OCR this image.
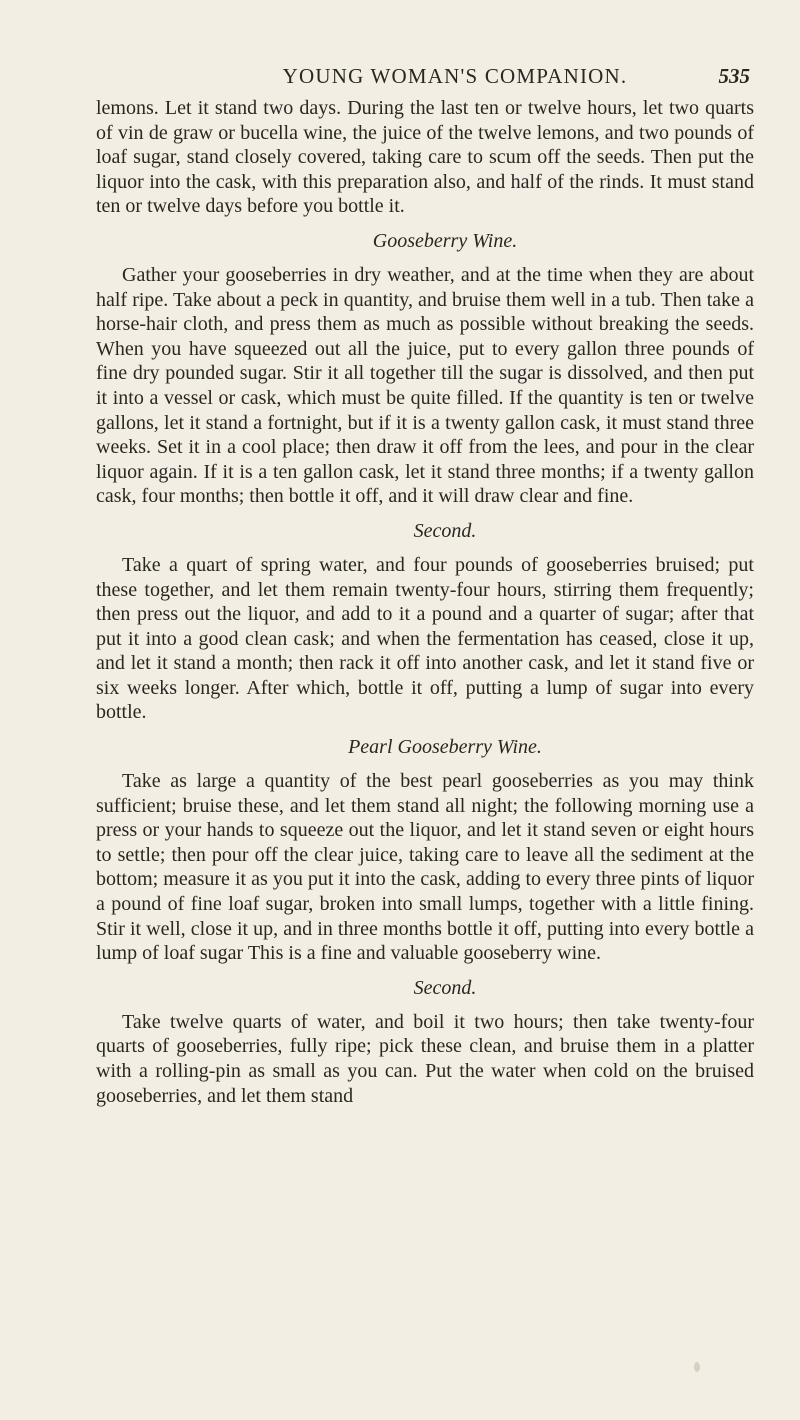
YOUNG WOMAN'S COMPANION.	535

lemons. Let it stand two days. During the last ten or twelve hours, let two quarts of vin de graw or bucella wine, the juice of the twelve lemons, and two pounds of loaf sugar, stand closely covered, taking care to scum off the seeds. Then put the liquor into the cask, with this preparation also, and half of the rinds. It must stand ten or twelve days before you bottle it.

Gooseberry Wine.

Gather your gooseberries in dry weather, and at the time when they are about half ripe. Take about a peck in quantity, and bruise them well in a tub. Then take a horse-hair cloth, and press them as much as possible without breaking the seeds. When you have squeezed out all the juice, put to every gallon three pounds of fine dry pounded sugar. Stir it all together till the sugar is dissolved, and then put it into a vessel or cask, which must be quite filled. If the quantity is ten or twelve gallons, let it stand a fortnight, but if it is a twenty gallon cask, it must stand three weeks. Set it in a cool place; then draw it off from the lees, and pour in the clear liquor again. If it is a ten gallon cask, let it stand three months; if a twenty gallon cask, four months; then bottle it off, and it will draw clear and fine.

Second.

Take a quart of spring water, and four pounds of gooseberries bruised; put these together, and let them remain twenty-four hours, stirring them frequently; then press out the liquor, and add to it a pound and a quarter of sugar; after that put it into a good clean cask; and when the fermentation has ceased, close it up, and let it stand a month; then rack it off into another cask, and let it stand five or six weeks longer. After which, bottle it off, putting a lump of sugar into every bottle.

Pearl Gooseberry Wine.

Take as large a quantity of the best pearl gooseberries as you may think sufficient; bruise these, and let them stand all night; the following morning use a press or your hands to squeeze out the liquor, and let it stand seven or eight hours to settle; then pour off the clear juice, taking care to leave all the sediment at the bottom; measure it as you put it into the cask, adding to every three pints of liquor a pound of fine loaf sugar, broken into small lumps, together with a little fining. Stir it well, close it up, and in three months bottle it off, putting into every bottle a lump of loaf sugar This is a fine and valuable gooseberry wine.

Second.

Take twelve quarts of water, and boil it two hours; then take twenty-four quarts of gooseberries, fully ripe; pick these clean, and bruise them in a platter with a rolling-pin as small as you can. Put the water when cold on the bruised gooseberries, and let them stand
